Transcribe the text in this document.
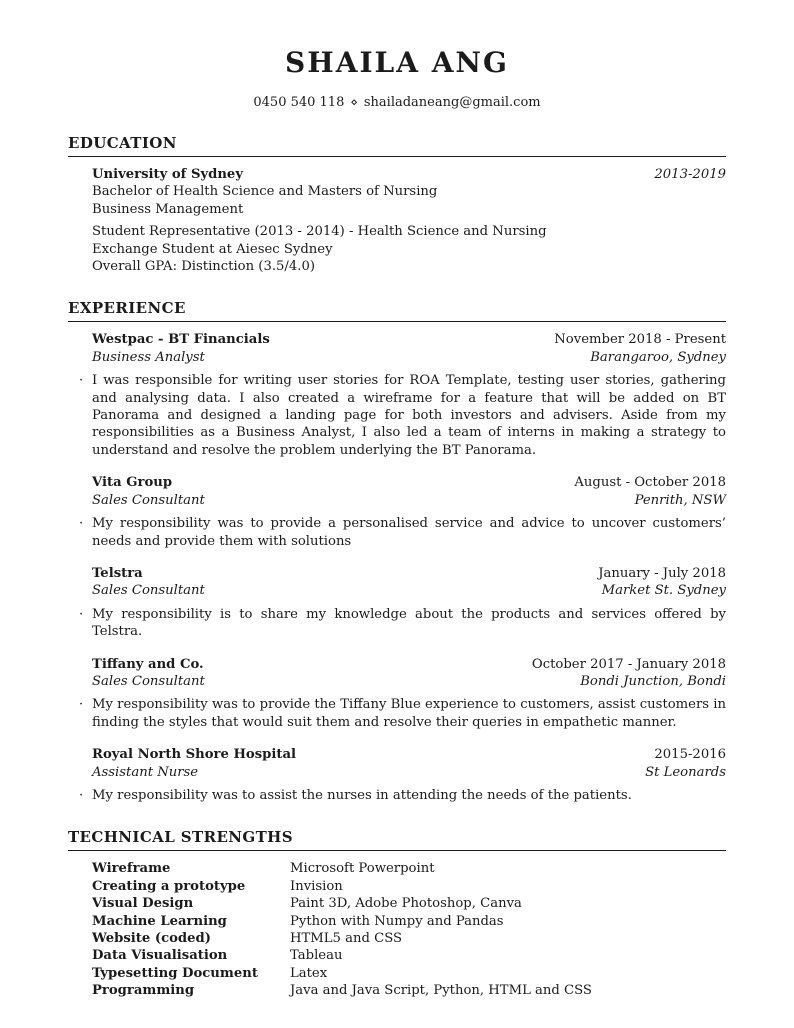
SHAILA ANG
0450 540 118 ⋄ shailadaneang@gmail.com
EDUCATION
University of Sydney	2013-2019
Bachelor of Health Science and Masters of Nursing
Business Management
Student Representative (2013 - 2014) - Health Science and Nursing
Exchange Student at Aiesec Sydney
Overall GPA: Distinction (3.5/4.0)
EXPERIENCE
Westpac - BT Financials	November 2018 - Present
Business Analyst	Barangaroo, Sydney
· I was responsible for writing user stories for ROA Template, testing user stories, gathering and analysing data. I also created a wireframe for a feature that will be added on BT Panorama and designed a landing page for both investors and advisers. Aside from my responsibilities as a Business Analyst, I also led a team of interns in making a strategy to understand and resolve the problem underlying the BT Panorama.

Vita Group	August - October 2018
Sales Consultant	Penrith, NSW
· My responsibility was to provide a personalised service and advice to uncover customers’ needs and provide them with solutions

Telstra	January - July 2018
Sales Consultant	Market St. Sydney
· My responsibility is to share my knowledge about the products and services offered by Telstra.

Tiffany and Co.	October 2017 - January 2018
Sales Consultant	Bondi Junction, Bondi
· My responsibility was to provide the Tiffany Blue experience to customers, assist customers in finding the styles that would suit them and resolve their queries in empathetic manner.

Royal North Shore Hospital	2015-2016
Assistant Nurse	St Leonards
· My responsibility was to assist the nurses in attending the needs of the patients.

TECHNICAL STRENGTHS
Wireframe	Microsoft Powerpoint
Creating a prototype	Invision
Visual Design	Paint 3D, Adobe Photoshop, Canva
Machine Learning	Python with Numpy and Pandas
Website (coded)	HTML5 and CSS
Data Visualisation	Tableau
Typesetting Document	Latex
Programming	Java and Java Script, Python, HTML and CSS
